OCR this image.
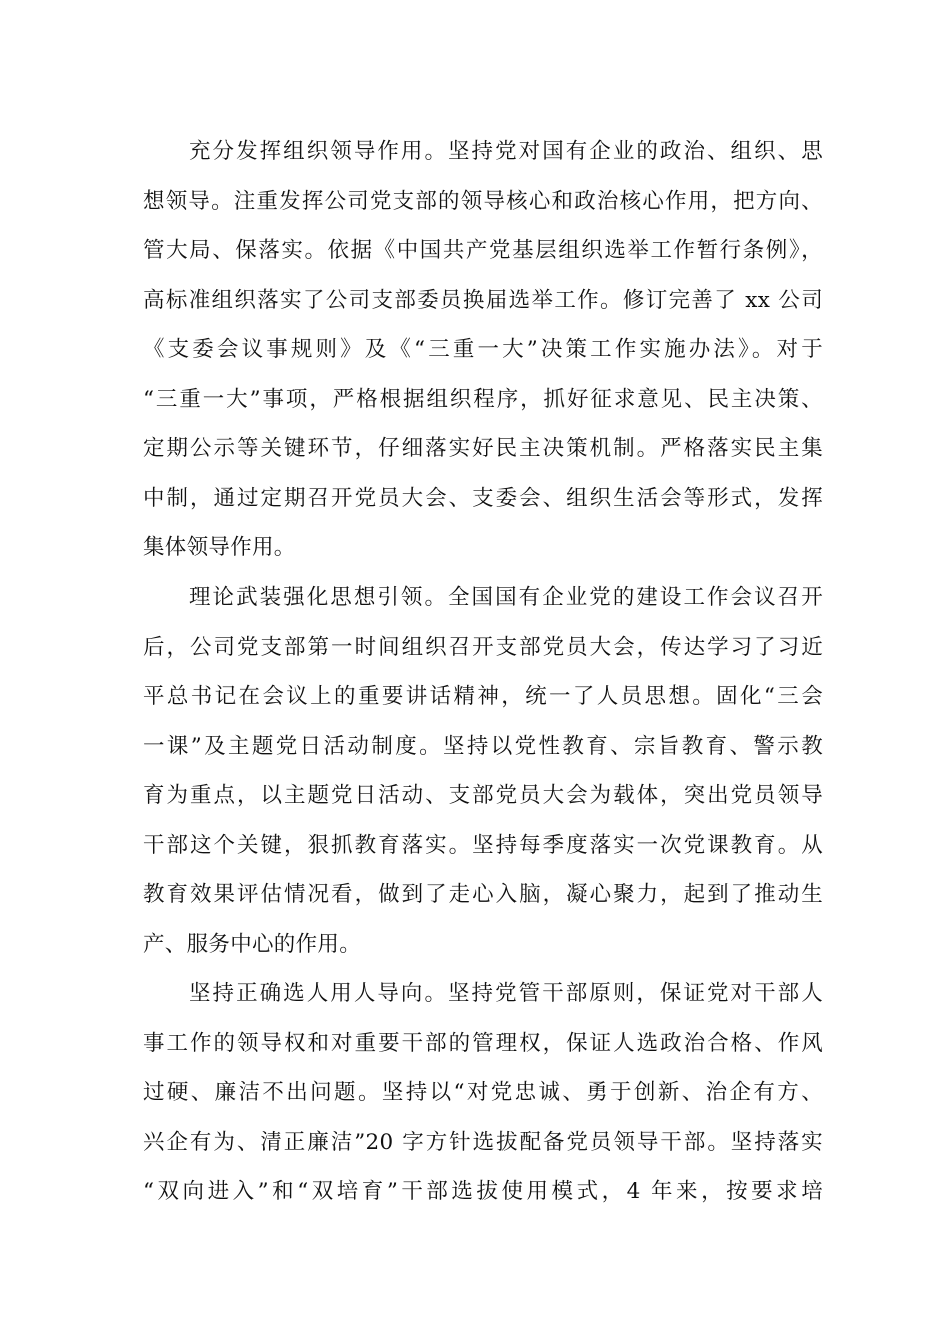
充分发挥组织领导作用。坚持党对国有企业的政治、组织、思
想领导。注重发挥公司党支部的领导核心和政治核心作用，把方向、
管大局、保落实。依据《中国共产党基层组织选举工作暂行条例》，
高标准组织落实了公司支部委员换届选举工作。修订完善了 xx 公司
《支委会议事规则》及《“三重一大”决策工作实施办法》。对于
“三重一大”事项，严格根据组织程序，抓好征求意见、民主决策、
定期公示等关键环节，仔细落实好民主决策机制。严格落实民主集
中制，通过定期召开党员大会、支委会、组织生活会等形式，发挥
集体领导作用。
理论武装强化思想引领。全国国有企业党的建设工作会议召开
后，公司党支部第一时间组织召开支部党员大会，传达学习了习近
平总书记在会议上的重要讲话精神，统一了人员思想。固化“三会
一课”及主题党日活动制度。坚持以党性教育、宗旨教育、警示教
育为重点，以主题党日活动、支部党员大会为载体，突出党员领导
干部这个关键，狠抓教育落实。坚持每季度落实一次党课教育。从
教育效果评估情况看，做到了走心入脑，凝心聚力，起到了推动生
产、服务中心的作用。
坚持正确选人用人导向。坚持党管干部原则，保证党对干部人
事工作的领导权和对重要干部的管理权，保证人选政治合格、作风
过硬、廉洁不出问题。坚持以“对党忠诚、勇于创新、治企有方、
兴企有为、清正廉洁”20 字方针选拔配备党员领导干部。坚持落实
“双向进入”和“双培育”干部选拔使用模式，4 年来，按要求培
